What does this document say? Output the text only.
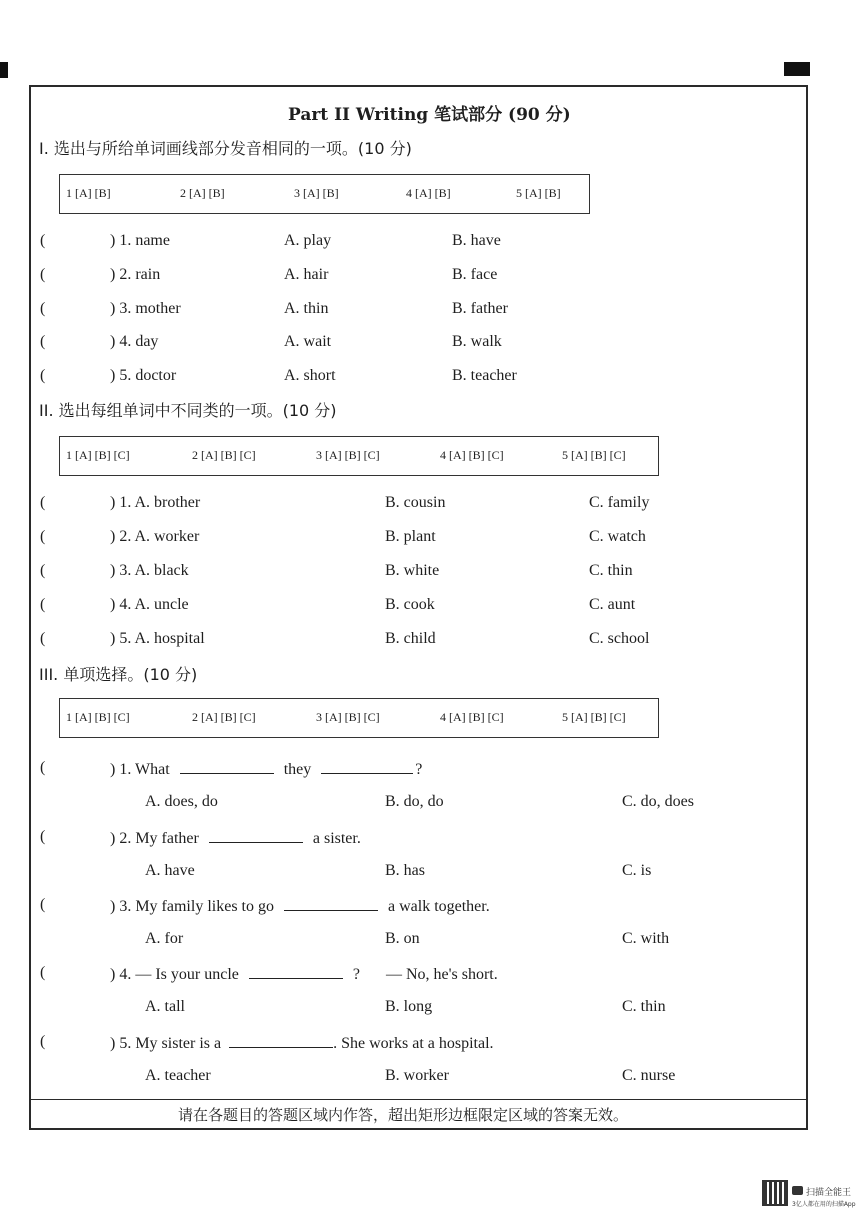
Part II Writing 笔试部分 (90 分)
I. 选出与所给单词画线部分发音相同的一项。(10 分)
1 [A] [B]	2 [A] [B]	3 [A] [B]	4 [A] [B]	5 [A] [B]
(	) 1. name	A. play	B. have
(	) 2. rain	A. hair	B. face
(	) 3. mother	A. thin	B. father
(	) 4. day	A. wait	B. walk
(	) 5. doctor	A. short	B. teacher
II. 选出每组单词中不同类的一项。(10 分)
1 [A] [B] [C]	2 [A] [B] [C]	3 [A] [B] [C]	4 [A] [B] [C]	5 [A] [B] [C]
(	) 1. A. brother	B. cousin	C. family
(	) 2. A. worker	B. plant	C. watch
(	) 3. A. black	B. white	C. thin
(	) 4. A. uncle	B. cook	C. aunt
(	) 5. A. hospital	B. child	C. school
III. 单项选择。(10 分)
1 [A] [B] [C]	2 [A] [B] [C]	3 [A] [B] [C]	4 [A] [B] [C]	5 [A] [B] [C]
(	) 1. What	they	?
A. does, do	B. do, do	C. do, does
(	) 2. My father	a sister.
A. have	B. has	C. is
(	) 3. My family likes to go	a walk together.
A. for	B. on	C. with
(	) 4. — Is your uncle	? — No, he's short.
A. tall	B. long	C. thin
(	) 5. My sister is a	. She works at a hospital.
A. teacher	B. worker	C. nurse
请在各题目的答题区域内作答，超出矩形边框限定区域的答案无效。
扫描全能王
3亿人都在用的扫描App
